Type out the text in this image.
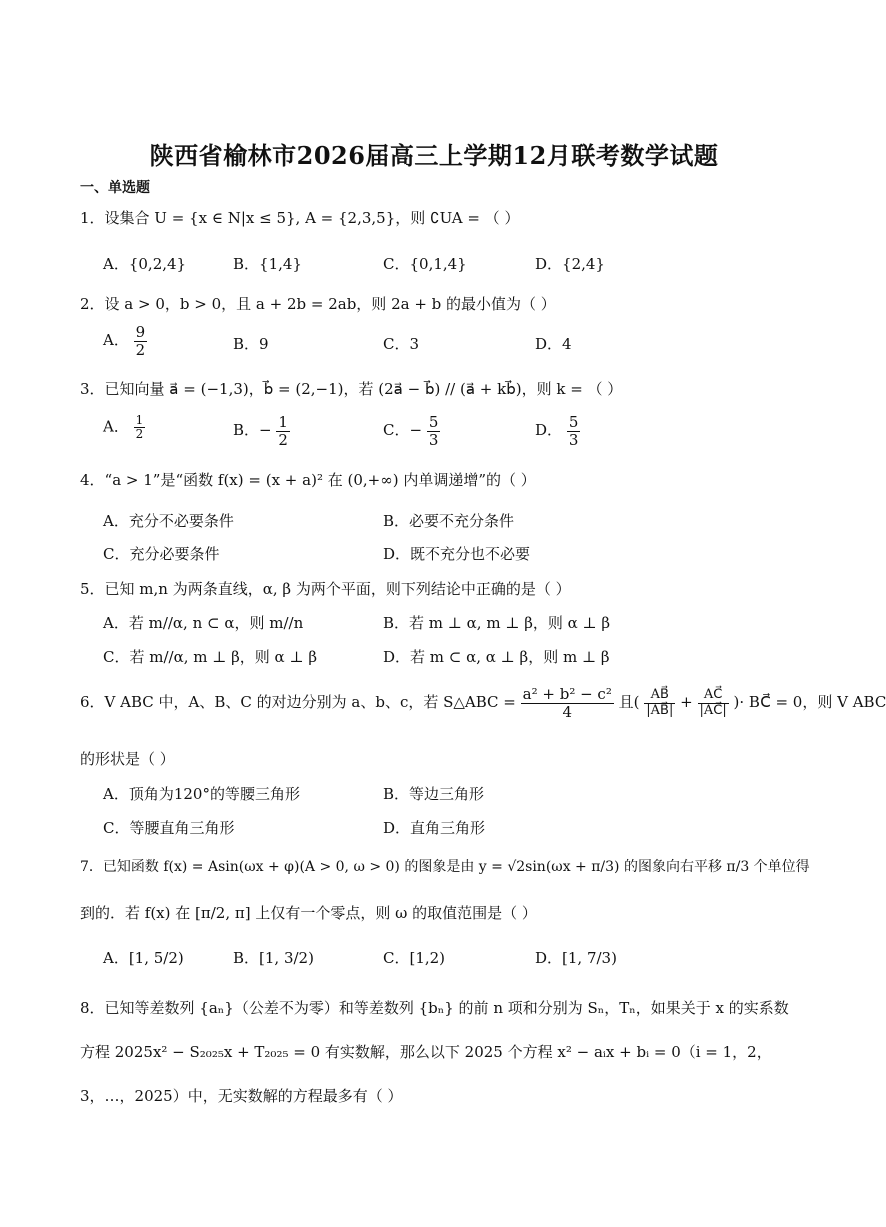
陕西省榆林市2026届高三上学期12月联考数学试题
一、单选题
1．设集合 U = {x ∈ N|x ≤ 5}, A = {2,3,5}，则 ∁UA = （ ）
A．{0,2,4}	B．{1,4}	C．{0,1,4}	D．{2,4}
2．设 a > 0，b > 0，且 a + 2b = 2ab，则 2a + b 的最小值为（ ）
A． $\frac{9}{2}$	B．9	C．3	D．4
3．已知向量 a⃗ = (−1,3)，b⃗ = (2,−1)，若 (2a⃗ − b⃗) // (a⃗ + kb⃗)，则 k = （ ）
A． $\frac{1}{2}$	B．− $\frac{1}{2}$	C．− $\frac{5}{3}$	D． $\frac{5}{3}$
4．“a > 1”是“函数 f(x) = (x + a)² 在 (0,+∞) 内单调递增”的（ ）
A．充分不必要条件	B．必要不充分条件
C．充分必要条件	D．既不充分也不必要
5．已知 m,n 为两条直线，α, β 为两个平面，则下列结论中正确的是（ ）
A．若 m//α, n ⊂ α，则 m//n	B．若 m ⊥ α, m ⊥ β，则 α ⊥ β
C．若 m//α, m ⊥ β，则 α ⊥ β	D．若 m ⊂ α, α ⊥ β，则 m ⊥ β
6．V ABC 中，A、B、C 的对边分别为 a、b、c，若 S△ABC = $\frac{\text{a² + b² − c²}}{4}$ 且( $\frac{AB⃗}{|AB⃗|} + \frac{AC⃗}{|AC⃗|}$ )· BC⃗ = 0，则 V ABC
的形状是（ ）
A．顶角为120°的等腰三角形	B．等边三角形
C．等腰直角三角形	D．直角三角形
7．已知函数 f(x) = Asin(ωx + φ)(A > 0, ω > 0) 的图象是由 y = √2sin(ωx + π/3) 的图象向右平移 π/3 个单位得
到的．若 f(x) 在 [π/2, π] 上仅有一个零点，则 ω 的取值范围是（ ）
A．[1, 5/2)	B．[1, 3/2)	C．[1,2)	D．[1, 7/3)
8．已知等差数列 {aₙ}（公差不为零）和等差数列 {bₙ} 的前 n 项和分别为 Sₙ，Tₙ，如果关于 x 的实系数方程 2025x² − S₂₀₂₅x + T₂₀₂₅ = 0 有实数解，那么以下 2025 个方程 x² − aᵢx + bᵢ = 0（i = 1，2，3，…，2025）中，无实数解的方程最多有（ ）
